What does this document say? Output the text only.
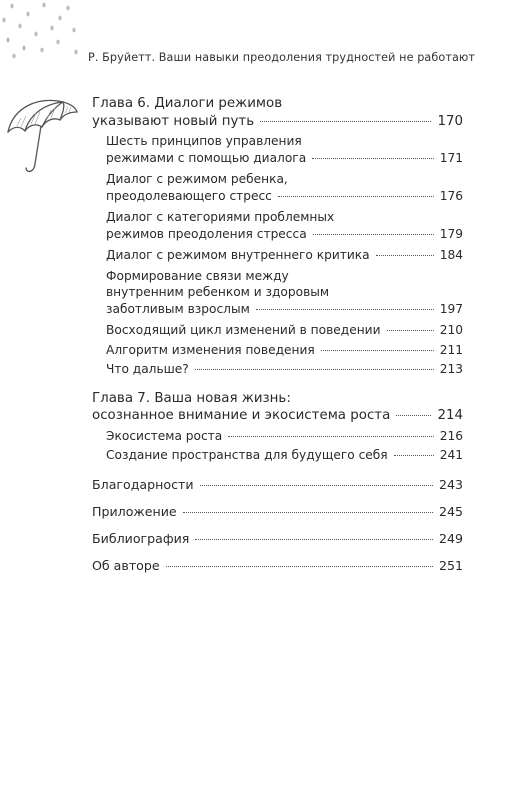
Р. Бруйетт. Ваши навыки преодоления трудностей не работают
Глава 6. Диалоги режимов
указывают новый путь	170
Шесть принципов управления
режимами с помощью диалога	171
Диалог с режимом ребенка,
преодолевающего стресс	176
Диалог с категориями проблемных
режимов преодоления стресса	179
Диалог с режимом внутреннего критика	184
Формирование связи между
внутренним ребенком и здоровым
заботливым взрослым	197
Восходящий цикл изменений в поведении	210
Алгоритм изменения поведения	211
Что дальше?	213
Глава 7. Ваша новая жизнь:
осознанное внимание и экосистема роста	214
Экосистема роста	216
Создание пространства для будущего себя	241
Благодарности	243
Приложение	245
Библиография	249
Об авторе	251
